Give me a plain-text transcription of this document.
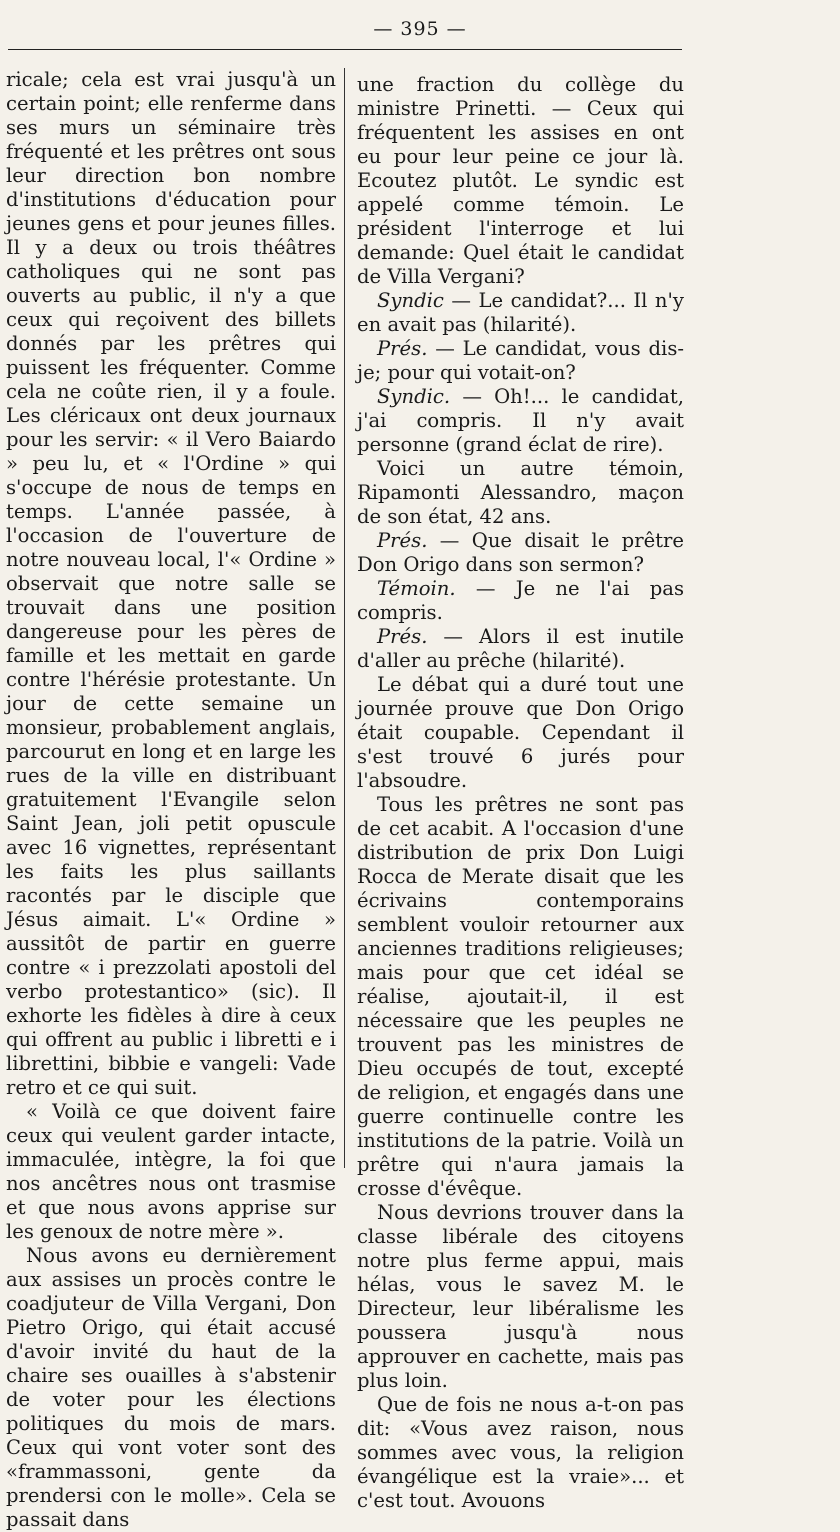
— 395 —

ricale; cela est vrai jusqu'à un certain point; elle renferme dans ses murs un séminaire très fréquenté et les prêtres ont sous leur direction bon nombre d'institutions d'éducation pour jeunes gens et pour jeunes filles. Il y a deux ou trois théâtres catholiques qui ne sont pas ouverts au public, il n'y a que ceux qui reçoivent des billets donnés par les prêtres qui puissent les fréquenter. Comme cela ne coûte rien, il y a foule. Les cléricaux ont deux journaux pour les servir: « il Vero Baiardo » peu lu, et « l'Ordine » qui s'occupe de nous de temps en temps. L'année passée, à l'occasion de l'ouverture de notre nouveau local, l'« Ordine » observait que notre salle se trouvait dans une position dangereuse pour les pères de famille et les mettait en garde contre l'hérésie protestante. Un jour de cette semaine un monsieur, probablement anglais, parcourut en long et en large les rues de la ville en distribuant gratuitement l'Evangile selon Saint Jean, joli petit opuscule avec 16 vignettes, représentant les faits les plus saillants racontés par le disciple que Jésus aimait. L'« Ordine » aussitôt de partir en guerre contre « i prezzolati apostoli del verbo protestantico» (sic). Il exhorte les fidèles à dire à ceux qui offrent au public i libretti e i librettini, bibbie e vangeli: Vade retro et ce qui suit.

« Voilà ce que doivent faire ceux qui veulent garder intacte, immaculée, intègre, la foi que nos ancêtres nous ont trasmise et que nous avons apprise sur les genoux de notre mère ».

Nous avons eu dernièrement aux assises un procès contre le coadjuteur de Villa Vergani, Don Pietro Origo, qui était accusé d'avoir invité du haut de la chaire ses ouailles à s'abstenir de voter pour les élections politiques du mois de mars. Ceux qui vont voter sont des «frammassoni, gente da prendersi con le molle». Cela se passait dans

une fraction du collège du ministre Prinetti. — Ceux qui fréquentent les assises en ont eu pour leur peine ce jour là. Ecoutez plutôt. Le syndic est appelé comme témoin. Le président l'interroge et lui demande: Quel était le candidat de Villa Vergani?

Syndic — Le candidat?... Il n'y en avait pas (hilarité).

Prés. — Le candidat, vous dis-je; pour qui votait-on?

Syndic. — Oh!... le candidat, j'ai compris. Il n'y avait personne (grand éclat de rire).

Voici un autre témoin, Ripamonti Alessandro, maçon de son état, 42 ans.

Prés. — Que disait le prêtre Don Origo dans son sermon?

Témoin. — Je ne l'ai pas compris.

Prés. — Alors il est inutile d'aller au prêche (hilarité).

Le débat qui a duré tout une journée prouve que Don Origo était coupable. Cependant il s'est trouvé 6 jurés pour l'absoudre.

Tous les prêtres ne sont pas de cet acabit. A l'occasion d'une distribution de prix Don Luigi Rocca de Merate disait que les écrivains contemporains semblent vouloir retourner aux anciennes traditions religieuses; mais pour que cet idéal se réalise, ajoutait-il, il est nécessaire que les peuples ne trouvent pas les ministres de Dieu occupés de tout, excepté de religion, et engagés dans une guerre continuelle contre les institutions de la patrie. Voilà un prêtre qui n'aura jamais la crosse d'évêque.

Nous devrions trouver dans la classe libérale des citoyens notre plus ferme appui, mais hélas, vous le savez M. le Directeur, leur libéralisme les poussera jusqu'à nous approuver en cachette, mais pas plus loin.

Que de fois ne nous a-t-on pas dit: «Vous avez raison, nous sommes avec vous, la religion évangélique est la vraie»... et c'est tout. Avouons
